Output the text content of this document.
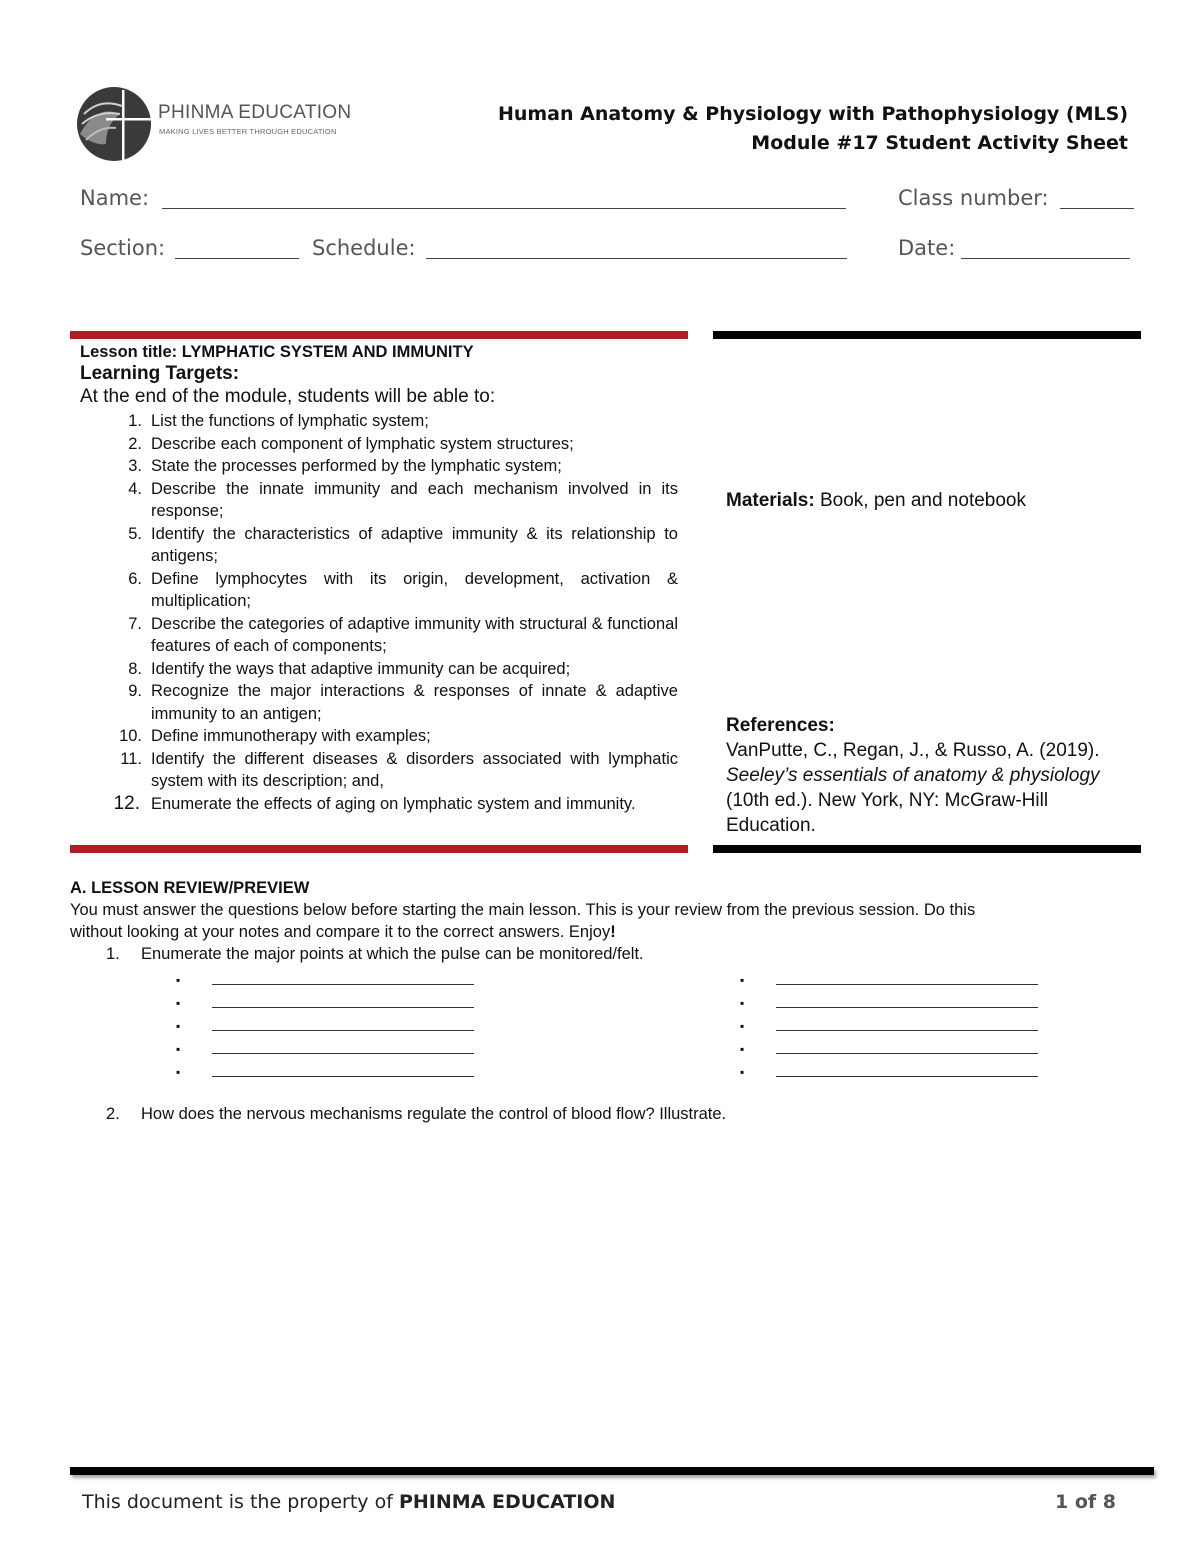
PHINMA EDUCATION
MAKING LIVES BETTER THROUGH EDUCATION
Human Anatomy & Physiology with Pathophysiology (MLS)
Module #17 Student Activity Sheet
Name:	Class number:
Section:	Schedule:	Date:
Lesson title: LYMPHATIC SYSTEM AND IMMUNITY
Learning Targets:
At the end of the module, students will be able to:
1. List the functions of lymphatic system;
2. Describe each component of lymphatic system structures;
3. State the processes performed by the lymphatic system;
4. Describe the innate immunity and each mechanism involved in its response;
5. Identify the characteristics of adaptive immunity & its relationship to antigens;
6. Define lymphocytes with its origin, development, activation & multiplication;
7. Describe the categories of adaptive immunity with structural & functional features of each of components;
8. Identify the ways that adaptive immunity can be acquired;
9. Recognize the major interactions & responses of innate & adaptive immunity to an antigen;
10. Define immunotherapy with examples;
11. Identify the different diseases & disorders associated with lymphatic system with its description; and,
12. Enumerate the effects of aging on lymphatic system and immunity.
Materials: Book, pen and notebook
References:
VanPutte, C., Regan, J., & Russo, A. (2019). Seeley’s essentials of anatomy & physiology (10th ed.). New York, NY: McGraw-Hill Education.
A. LESSON REVIEW/PREVIEW
You must answer the questions below before starting the main lesson. This is your review from the previous session. Do this without looking at your notes and compare it to the correct answers. Enjoy!
1. Enumerate the major points at which the pulse can be monitored/felt.
▪
▪
▪
▪
▪
▪
▪
▪
▪
▪
2. How does the nervous mechanisms regulate the control of blood flow? Illustrate.
This document is the property of PHINMA EDUCATION	1 of 8
